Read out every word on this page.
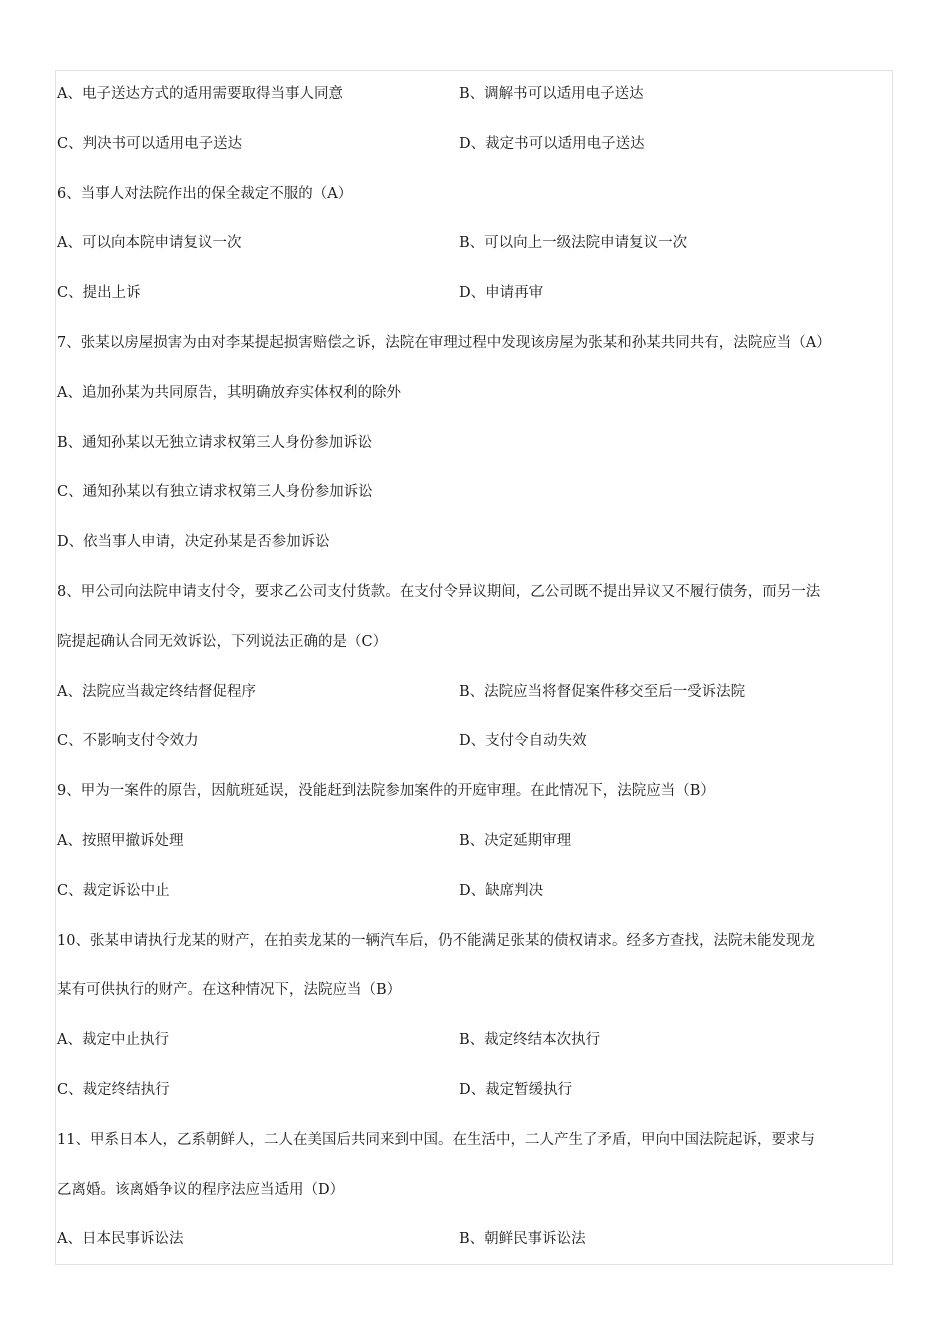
A、电子送达方式的适用需要取得当事人同意	B、调解书可以适用电子送达
C、判决书可以适用电子送达	D、裁定书可以适用电子送达
6、当事人对法院作出的保全裁定不服的（A）
A、可以向本院申请复议一次	B、可以向上一级法院申请复议一次
C、提出上诉	D、申请再审
7、张某以房屋损害为由对李某提起损害赔偿之诉，法院在审理过程中发现该房屋为张某和孙某共同共有，法院应当（A）
A、追加孙某为共同原告，其明确放弃实体权利的除外
B、通知孙某以无独立请求权第三人身份参加诉讼
C、通知孙某以有独立请求权第三人身份参加诉讼
D、依当事人申请，决定孙某是否参加诉讼
8、甲公司向法院申请支付令，要求乙公司支付货款。在支付令异议期间，乙公司既不提出异议又不履行债务，而另一法
院提起确认合同无效诉讼，下列说法正确的是（C）
A、法院应当裁定终结督促程序	B、法院应当将督促案件移交至后一受诉法院
C、不影响支付令效力	D、支付令自动失效
9、甲为一案件的原告，因航班延误，没能赶到法院参加案件的开庭审理。在此情况下，法院应当（B）
A、按照甲撤诉处理	B、决定延期审理
C、裁定诉讼中止	D、缺席判决
10、张某申请执行龙某的财产，在拍卖龙某的一辆汽车后，仍不能满足张某的债权请求。经多方查找，法院未能发现龙
某有可供执行的财产。在这种情况下，法院应当（B）
A、裁定中止执行	B、裁定终结本次执行
C、裁定终结执行	D、裁定暂缓执行
11、甲系日本人，乙系朝鲜人，二人在美国后共同来到中国。在生活中，二人产生了矛盾，甲向中国法院起诉，要求与
乙离婚。该离婚争议的程序法应当适用（D）
A、日本民事诉讼法	B、朝鲜民事诉讼法
